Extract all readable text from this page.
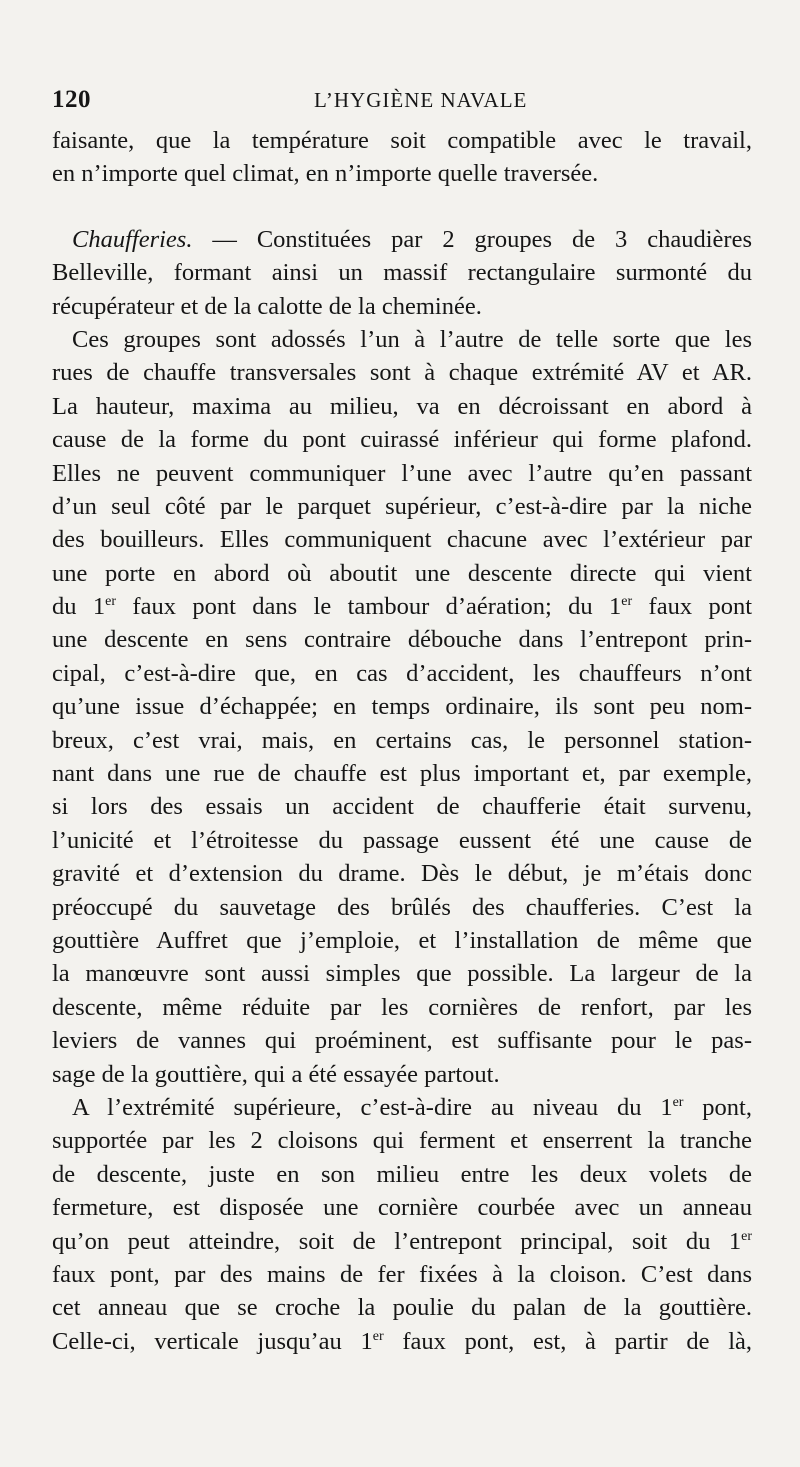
120	L’HYGIÈNE NAVALE
faisante, que la température soit compatible avec le travail,
en n’importe quel climat, en n’importe quelle traversée.
Chaufferies. — Constituées par 2 groupes de 3 chaudières
Belleville, formant ainsi un massif rectangulaire surmonté du
récupérateur et de la calotte de la cheminée.
Ces groupes sont adossés l’un à l’autre de telle sorte que les
rues de chauffe transversales sont à chaque extrémité AV et AR.
La hauteur, maxima au milieu, va en décroissant en abord à
cause de la forme du pont cuirassé inférieur qui forme plafond.
Elles ne peuvent communiquer l’une avec l’autre qu’en passant
d’un seul côté par le parquet supérieur, c’est-à-dire par la niche
des bouilleurs. Elles communiquent chacune avec l’extérieur par
une porte en abord où aboutit une descente directe qui vient
du 1er faux pont dans le tambour d’aération; du 1er faux pont
une descente en sens contraire débouche dans l’entrepont prin-
cipal, c’est-à-dire que, en cas d’accident, les chauffeurs n’ont
qu’une issue d’échappée; en temps ordinaire, ils sont peu nom-
breux, c’est vrai, mais, en certains cas, le personnel station-
nant dans une rue de chauffe est plus important et, par exemple,
si lors des essais un accident de chaufferie était survenu,
l’unicité et l’étroitesse du passage eussent été une cause de
gravité et d’extension du drame. Dès le début, je m’étais donc
préoccupé du sauvetage des brûlés des chaufferies. C’est la
gouttière Auffret que j’emploie, et l’installation de même que
la manœuvre sont aussi simples que possible. La largeur de la
descente, même réduite par les cornières de renfort, par les
leviers de vannes qui proéminent, est suffisante pour le pas-
sage de la gouttière, qui a été essayée partout.
A l’extrémité supérieure, c’est-à-dire au niveau du 1er pont,
supportée par les 2 cloisons qui ferment et enserrent la tranche
de descente, juste en son milieu entre les deux volets de
fermeture, est disposée une cornière courbée avec un anneau
qu’on peut atteindre, soit de l’entrepont principal, soit du 1er
faux pont, par des mains de fer fixées à la cloison. C’est dans
cet anneau que se croche la poulie du palan de la gouttière.
Celle-ci, verticale jusqu’au 1er faux pont, est, à partir de là,
